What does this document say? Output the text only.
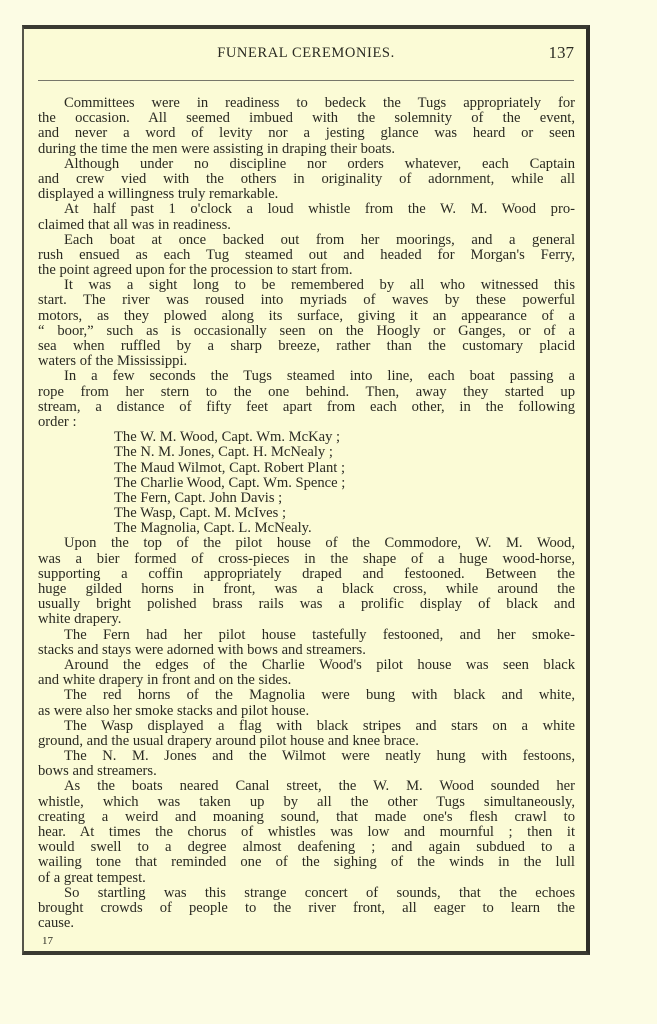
FUNERAL CEREMONIES.	137
Committees were in readiness to bedeck the Tugs appropriately for
the occasion. All seemed imbued with the solemnity of the event,
and never a word of levity nor a jesting glance was heard or seen
during the time the men were assisting in draping their boats.
Although under no discipline nor orders whatever, each Captain
and crew vied with the others in originality of adornment, while all
displayed a willingness truly remarkable.
At half past 1 o'clock a loud whistle from the W. M. Wood pro-
claimed that all was in readiness.
Each boat at once backed out from her moorings, and a general
rush ensued as each Tug steamed out and headed for Morgan's Ferry,
the point agreed upon for the procession to start from.
It was a sight long to be remembered by all who witnessed this
start. The river was roused into myriads of waves by these powerful
motors, as they plowed along its surface, giving it an appearance of a
“ boor,” such as is occasionally seen on the Hoogly or Ganges, or of a
sea when ruffled by a sharp breeze, rather than the customary placid
waters of the Mississippi.
In a few seconds the Tugs steamed into line, each boat passing a
rope from her stern to the one behind. Then, away they started up
stream, a distance of fifty feet apart from each other, in the following
order :
The W. M. Wood, Capt. Wm. McKay ;
The N. M. Jones, Capt. H. McNealy ;
The Maud Wilmot, Capt. Robert Plant ;
The Charlie Wood, Capt. Wm. Spence ;
The Fern, Capt. John Davis ;
The Wasp, Capt. M. McIves ;
The Magnolia, Capt. L. McNealy.
Upon the top of the pilot house of the Commodore, W. M. Wood,
was a bier formed of cross-pieces in the shape of a huge wood-horse,
supporting a coffin appropriately draped and festooned. Between the
huge gilded horns in front, was a black cross, while around the
usually bright polished brass rails was a prolific display of black and
white drapery.
The Fern had her pilot house tastefully festooned, and her smoke-
stacks and stays were adorned with bows and streamers.
Around the edges of the Charlie Wood's pilot house was seen black
and white drapery in front and on the sides.
The red horns of the Magnolia were bung with black and white,
as were also her smoke stacks and pilot house.
The Wasp displayed a flag with black stripes and stars on a white
ground, and the usual drapery around pilot house and knee brace.
The N. M. Jones and the Wilmot were neatly hung with festoons,
bows and streamers.
As the boats neared Canal street, the W. M. Wood sounded her
whistle, which was taken up by all the other Tugs simultaneously,
creating a weird and moaning sound, that made one's flesh crawl to
hear. At times the chorus of whistles was low and mournful ; then it
would swell to a degree almost deafening ; and again subdued to a
wailing tone that reminded one of the sighing of the winds in the lull
of a great tempest.
So startling was this strange concert of sounds, that the echoes
brought crowds of people to the river front, all eager to learn the
cause.
17
